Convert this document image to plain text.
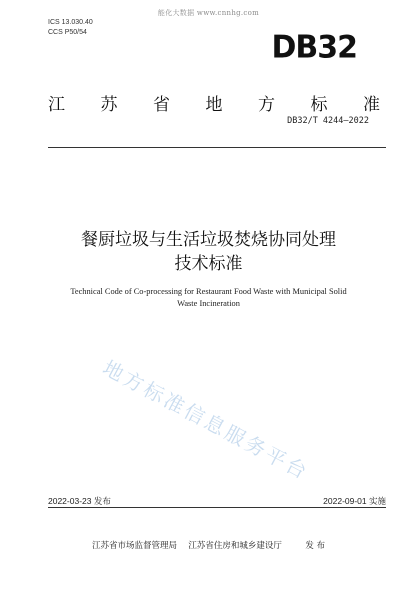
能化大数据 www.cnnhg.com
ICS 13.030.40
CCS P50/54	DB32
江 苏 省 地 方 标 准
DB32/T 4244—2022
餐厨垃圾与生活垃圾焚烧协同处理
技术标准
Technical Code of Co-processing for Restaurant Food Waste with Municipal Solid
Waste Incineration
地方标准信息服务平台
2022-03-23 发布	2022-09-01 实施
江苏省市场监督管理局 江苏省住房和城乡建设厅	发 布
